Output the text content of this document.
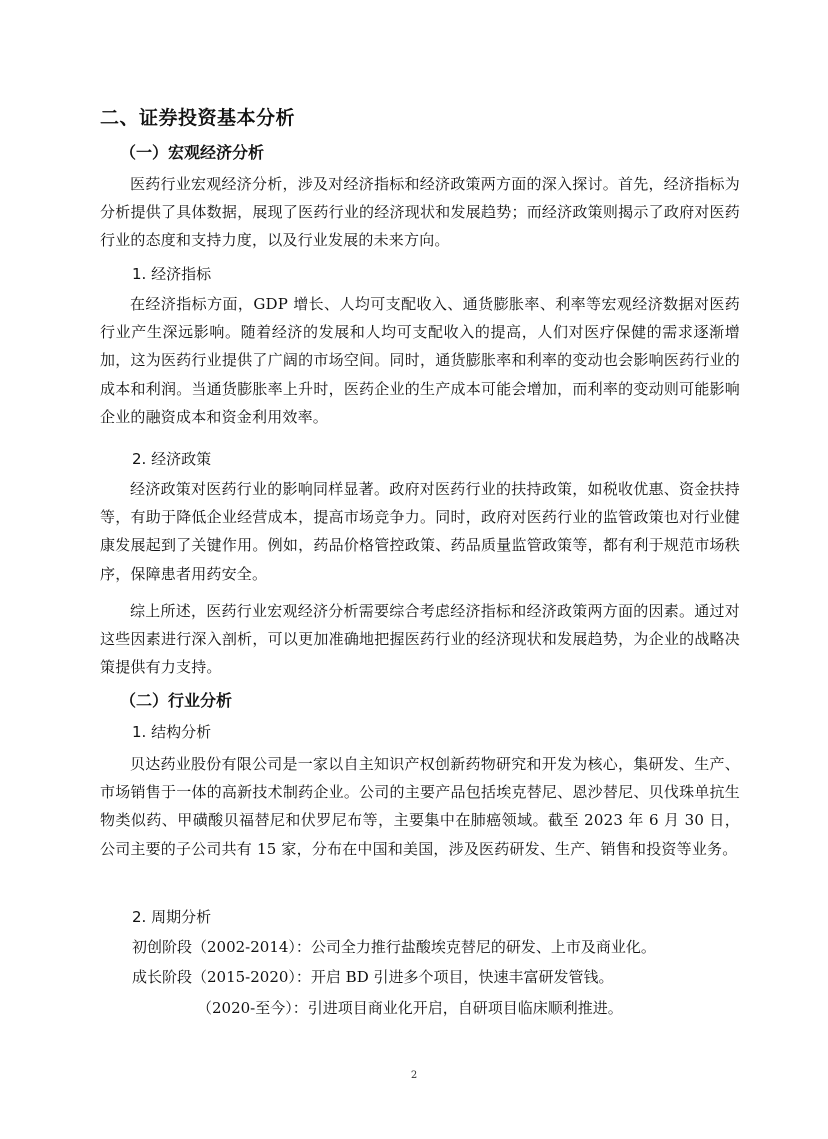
二、证券投资基本分析
（一）宏观经济分析

医药行业宏观经济分析，涉及对经济指标和经济政策两方面的深入探讨。首先，经济指标为分析提供了具体数据，展现了医药行业的经济现状和发展趋势；而经济政策则揭示了政府对医药行业的态度和支持力度，以及行业发展的未来方向。

1. 经济指标

在经济指标方面，GDP 增长、人均可支配收入、通货膨胀率、利率等宏观经济数据对医药行业产生深远影响。随着经济的发展和人均可支配收入的提高，人们对医疗保健的需求逐渐增加，这为医药行业提供了广阔的市场空间。同时，通货膨胀率和利率的变动也会影响医药行业的成本和利润。当通货膨胀率上升时，医药企业的生产成本可能会增加，而利率的变动则可能影响企业的融资成本和资金利用效率。

2. 经济政策

经济政策对医药行业的影响同样显著。政府对医药行业的扶持政策，如税收优惠、资金扶持等，有助于降低企业经营成本，提高市场竞争力。同时，政府对医药行业的监管政策也对行业健康发展起到了关键作用。例如，药品价格管控政策、药品质量监管政策等，都有利于规范市场秩序，保障患者用药安全。

综上所述，医药行业宏观经济分析需要综合考虑经济指标和经济政策两方面的因素。通过对这些因素进行深入剖析，可以更加准确地把握医药行业的经济现状和发展趋势，为企业的战略决策提供有力支持。

（二）行业分析
1. 结构分析

贝达药业股份有限公司是一家以自主知识产权创新药物研究和开发为核心，集研发、生产、市场销售于一体的高新技术制药企业。公司的主要产品包括埃克替尼、恩沙替尼、贝伐珠单抗生物类似药、甲磺酸贝福替尼和伏罗尼布等，主要集中在肺癌领域。截至 2023 年 6 月 30 日，公司主要的子公司共有 15 家，分布在中国和美国，涉及医药研发、生产、销售和投资等业务。

2. 周期分析

初创阶段（2002-2014）：公司全力推行盐酸埃克替尼的研发、上市及商业化。

成长阶段（2015-2020）：开启 BD 引进多个项目，快速丰富研发管钱。

（2020-至今）：引进项目商业化开启，自研项目临床顺利推进。

2
